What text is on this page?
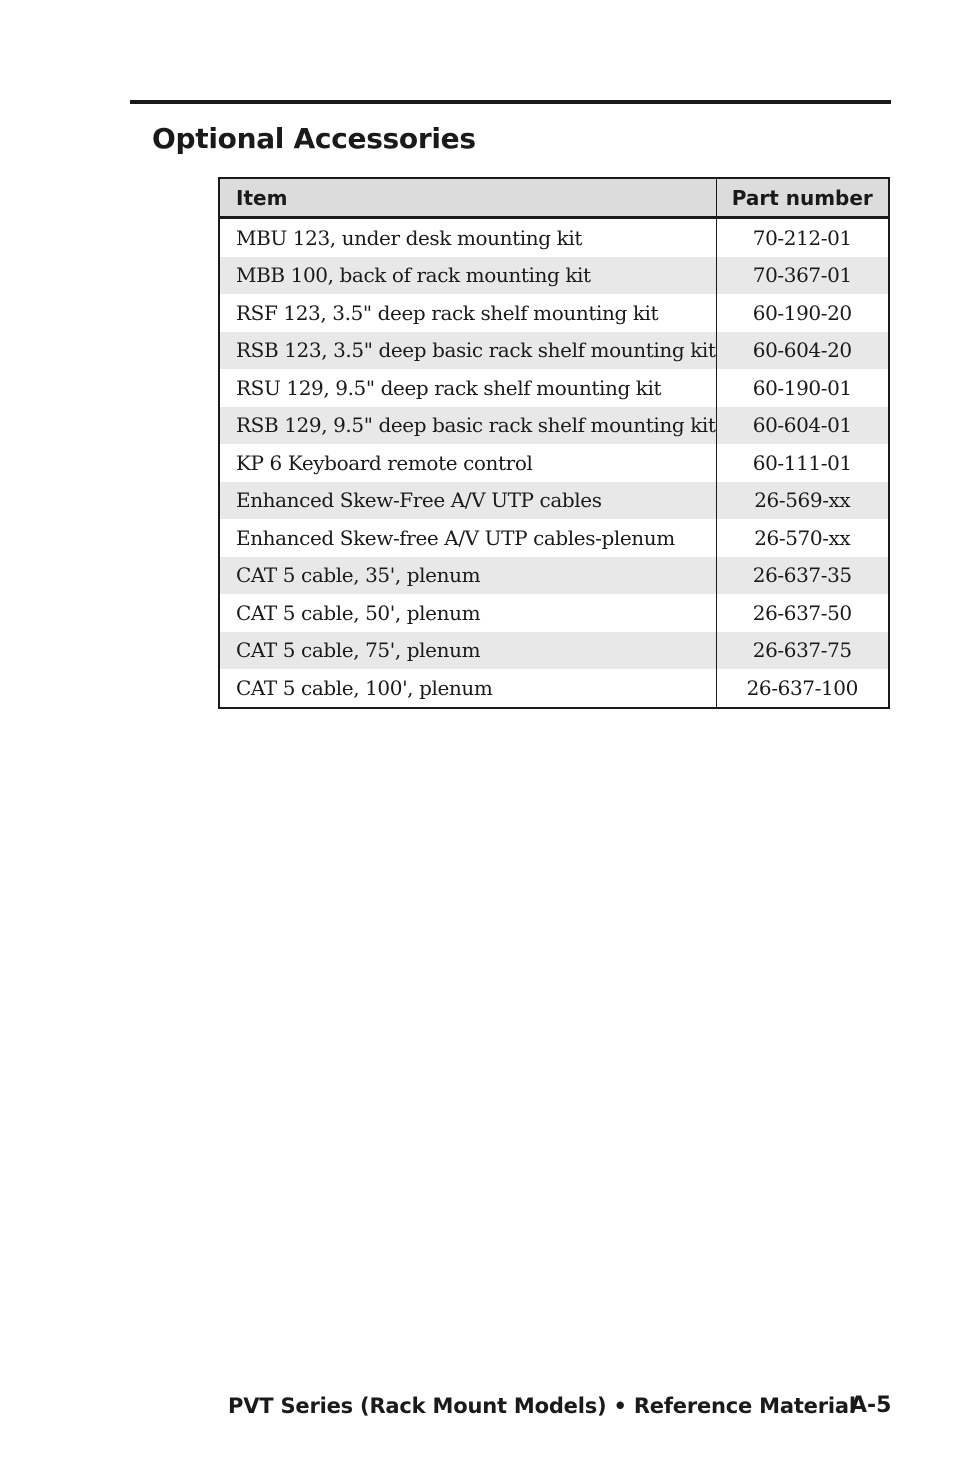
Optional Accessories
Item	Part number
MBU 123, under desk mounting kit	70-212-01
MBB 100, back of rack mounting kit	70-367-01
RSF 123, 3.5" deep rack shelf mounting kit	60-190-20
RSB 123, 3.5" deep basic rack shelf mounting kit	60-604-20
RSU 129, 9.5" deep rack shelf mounting kit	60-190-01
RSB 129, 9.5" deep basic rack shelf mounting kit	60-604-01
KP 6 Keyboard remote control	60-111-01
Enhanced Skew-Free A/V UTP cables	26-569-xx
Enhanced Skew-free A/V UTP cables-plenum	26-570-xx
CAT 5 cable, 35', plenum	26-637-35
CAT 5 cable, 50', plenum	26-637-50
CAT 5 cable, 75', plenum	26-637-75
CAT 5 cable, 100', plenum	26-637-100
PVT Series (Rack Mount Models) • Reference Material
A-5
